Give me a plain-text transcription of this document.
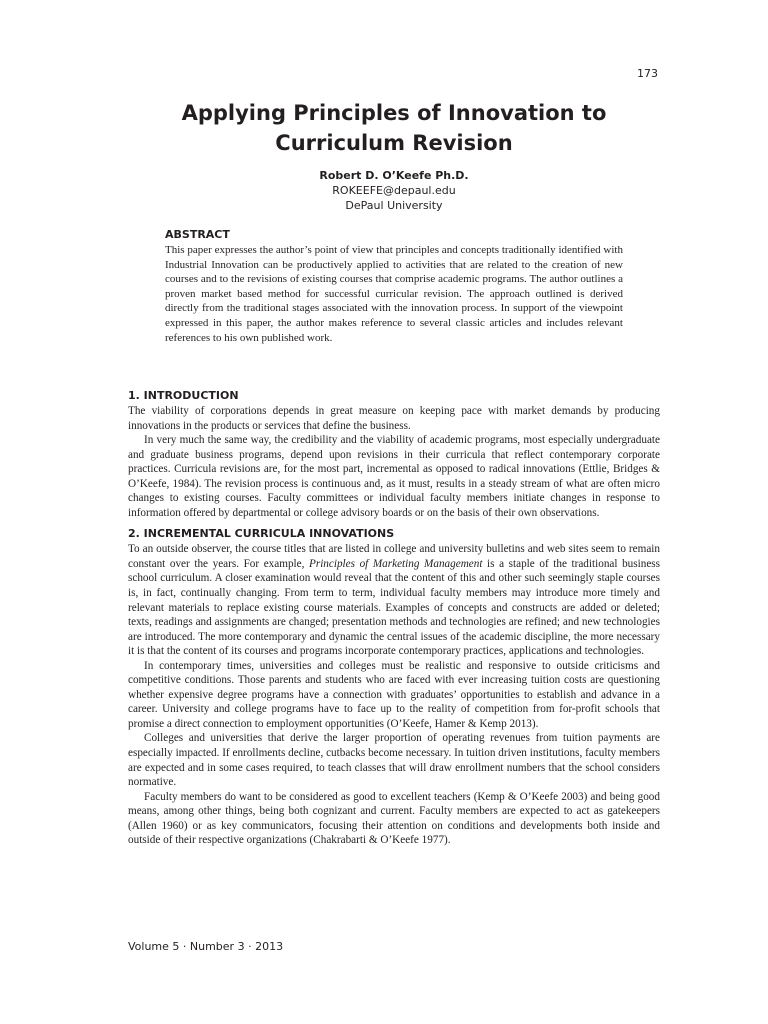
173
Applying Principles of Innovation to
Curriculum Revision
Robert D. O’Keefe Ph.D.
ROKEEFE@depaul.edu
DePaul University
ABSTRACT

This paper expresses the author’s point of view that principles and concepts traditionally identified with Industrial Innovation can be productively applied to activities that are related to the creation of new courses and to the revisions of existing courses that comprise academic programs. The author outlines a proven market based method for successful curricular revision. The approach outlined is derived directly from the traditional stages associated with the innovation process. In support of the viewpoint expressed in this paper, the author makes reference to several classic articles and includes relevant references to his own published work.

1. INTRODUCTION

The viability of corporations depends in great measure on keeping pace with market demands by producing innovations in the products or services that define the business.

In very much the same way, the credibility and the viability of academic programs, most especially undergraduate and graduate business programs, depend upon revisions in their curricula that reflect contemporary corporate practices. Curricula revisions are, for the most part, incremental as opposed to radical innovations (Ettlie, Bridges & O’Keefe, 1984). The revision process is continuous and, as it must, results in a steady stream of what are often micro changes to existing courses. Faculty committees or individual faculty members initiate changes in response to information offered by departmental or college advisory boards or on the basis of their own observations.

2. INCREMENTAL CURRICULA INNOVATIONS

To an outside observer, the course titles that are listed in college and university bulletins and web sites seem to remain constant over the years. For example, Principles of Marketing Management is a staple of the traditional business school curriculum. A closer examination would reveal that the content of this and other such seemingly staple courses is, in fact, continually changing. From term to term, individual faculty members may introduce more timely and relevant materials to replace existing course materials. Examples of concepts and constructs are added or deleted; texts, readings and assignments are changed; presentation methods and technologies are refined; and new technologies are introduced. The more contemporary and dynamic the central issues of the academic discipline, the more necessary it is that the content of its courses and programs incorporate contemporary practices, applications and technologies.

In contemporary times, universities and colleges must be realistic and responsive to outside criticisms and competitive conditions. Those parents and students who are faced with ever increasing tuition costs are questioning whether expensive degree programs have a connection with graduates’ opportunities to establish and advance in a career. University and college programs have to face up to the reality of competition from for-profit schools that promise a direct connection to employment opportunities (O’Keefe, Hamer & Kemp 2013).

Colleges and universities that derive the larger proportion of operating revenues from tuition payments are especially impacted. If enrollments decline, cutbacks become necessary. In tuition driven institutions, faculty members are expected and in some cases required, to teach classes that will draw enrollment numbers that the school considers normative.

Faculty members do want to be considered as good to excellent teachers (Kemp & O’Keefe 2003) and being good means, among other things, being both cognizant and current. Faculty members are expected to act as gatekeepers (Allen 1960) or as key communicators, focusing their attention on conditions and developments both inside and outside of their respective organizations (Chakrabarti & O’Keefe 1977).

Volume 5 · Number 3 · 2013
